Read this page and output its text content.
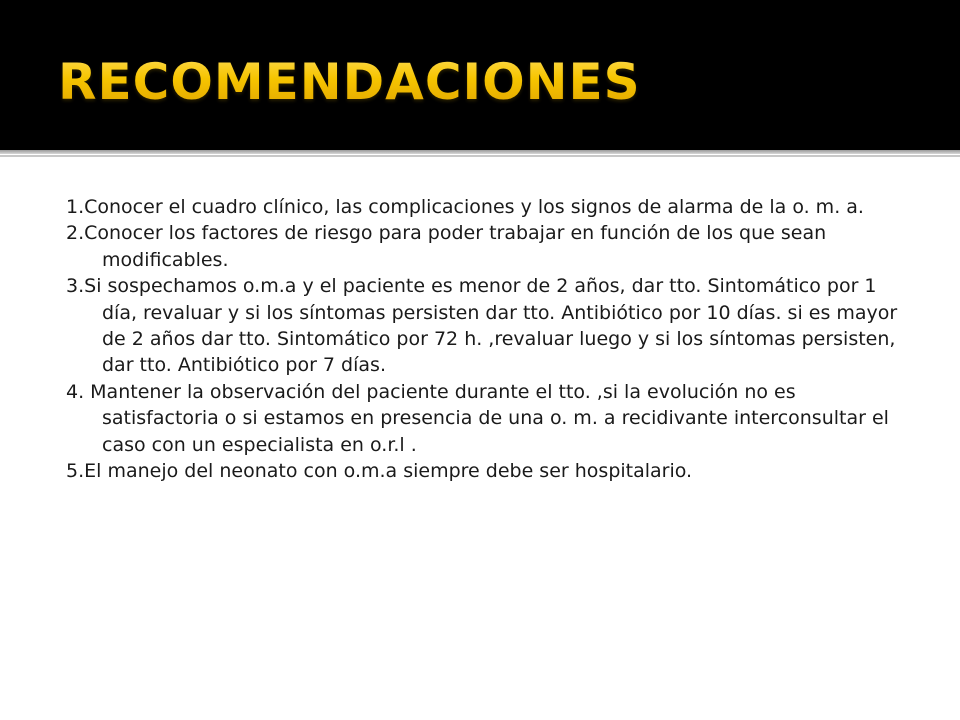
RECOMENDACIONES
1.Conocer el cuadro clínico, las complicaciones y los signos de alarma de la o. m. a.
2.Conocer los factores de riesgo para poder trabajar en función de los que sean modificables.
3.Si sospechamos o.m.a y el paciente es menor de 2 años, dar tto. Sintomático por 1 día, revaluar y si los síntomas persisten dar tto. Antibiótico por 10 días. si es mayor de 2 años dar tto. Sintomático por 72 h. ,revaluar luego y si los síntomas persisten, dar tto. Antibiótico por 7 días.
4. Mantener la observación del paciente durante el tto. ,si la evolución no es satisfactoria o si estamos en presencia de una o. m. a recidivante interconsultar el caso con un especialista en o.r.l .
5.El manejo del neonato con o.m.a siempre debe ser hospitalario.
